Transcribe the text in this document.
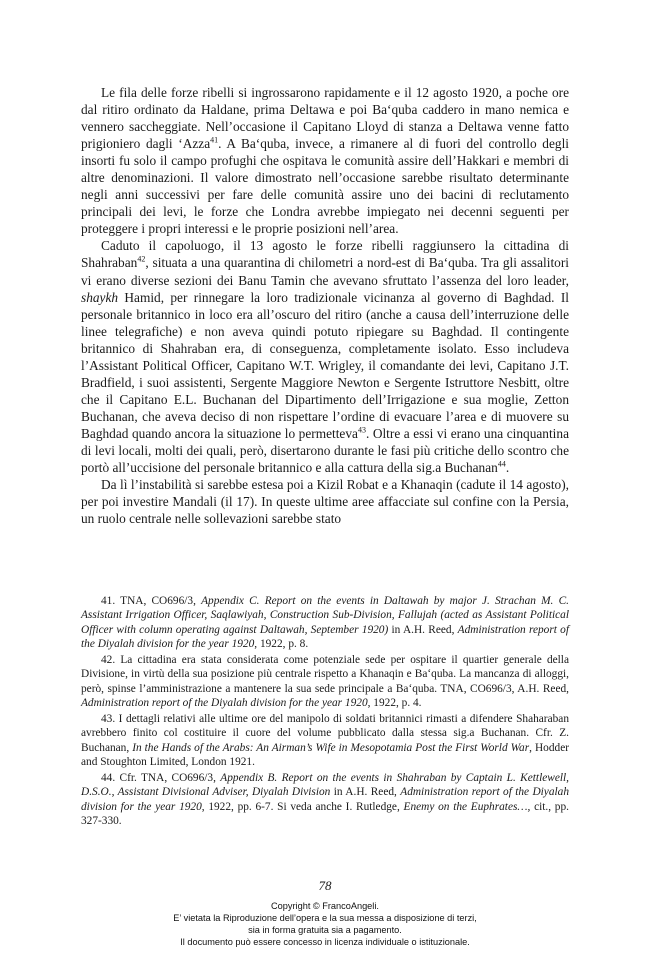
Le fila delle forze ribelli si ingrossarono rapidamente e il 12 agosto 1920, a poche ore dal ritiro ordinato da Haldane, prima Deltawa e poi Ba‘quba caddero in mano nemica e vennero saccheggiate. Nell’occasione il Capitano Lloyd di stanza a Deltawa venne fatto prigioniero dagli ‘Azza$^{41}$. A Ba‘quba, invece, a rimanere al di fuori del controllo degli insorti fu solo il campo profughi che ospitava le comunità assire dell’Hakkari e membri di altre denominazioni. Il valore dimostrato nell’occasione sarebbe risultato determinante negli anni successivi per fare delle comunità assire uno dei bacini di reclutamento principali dei levi, le forze che Londra avrebbe impiegato nei decenni seguenti per proteggere i propri interessi e le proprie posizioni nell’area.

Caduto il capoluogo, il 13 agosto le forze ribelli raggiunsero la cittadina di Shahraban$^{42}$, situata a una quarantina di chilometri a nord-est di Ba‘quba. Tra gli assalitori vi erano diverse sezioni dei Banu Tamin che avevano sfruttato l’assenza del loro leader, shaykh Hamid, per rinnegare la loro tradizionale vicinanza al governo di Baghdad. Il personale britannico in loco era all’oscuro del ritiro (anche a causa dell’interruzione delle linee telegrafiche) e non aveva quindi potuto ripiegare su Baghdad. Il contingente britannico di Shahraban era, di conseguenza, completamente isolato. Esso includeva l’Assistant Political Officer, Capitano W.T. Wrigley, il comandante dei levi, Capitano J.T. Bradfield, i suoi assistenti, Sergente Maggiore Newton e Sergente Istruttore Nesbitt, oltre che il Capitano E.L. Buchanan del Dipartimento dell’Irrigazione e sua moglie, Zetton Buchanan, che aveva deciso di non rispettare l’ordine di evacuare l’area e di muovere su Baghdad quando ancora la situazione lo permetteva$^{43}$. Oltre a essi vi erano una cinquantina di levi locali, molti dei quali, però, disertarono durante le fasi più critiche dello scontro che portò all’uccisione del personale britannico e alla cattura della sig.a Buchanan$^{44}$.

Da lì l’instabilità si sarebbe estesa poi a Kizil Robat e a Khanaqin (cadute il 14 agosto), per poi investire Mandali (il 17). In queste ultime aree affacciate sul confine con la Persia, un ruolo centrale nelle sollevazioni sarebbe stato

41. TNA, CO696/3, Appendix C. Report on the events in Daltawah by major J. Strachan M. C. Assistant Irrigation Officer, Saqlawiyah, Construction Sub-Division, Fallujah (acted as Assistant Political Officer with column operating against Daltawah, September 1920) in A.H. Reed, Administration report of the Diyalah division for the year 1920, 1922, p. 8.

42. La cittadina era stata considerata come potenziale sede per ospitare il quartier generale della Divisione, in virtù della sua posizione più centrale rispetto a Khanaqin e Ba‘quba. La mancanza di alloggi, però, spinse l’amministrazione a mantenere la sua sede principale a Ba‘quba. TNA, CO696/3, A.H. Reed, Administration report of the Diyalah division for the year 1920, 1922, p. 4.

43. I dettagli relativi alle ultime ore del manipolo di soldati britannici rimasti a difendere Shaharaban avrebbero finito col costituire il cuore del volume pubblicato dalla stessa sig.a Buchanan. Cfr. Z. Buchanan, In the Hands of the Arabs: An Airman’s Wife in Mesopotamia Post the First World War, Hodder and Stoughton Limited, London 1921.

44. Cfr. TNA, CO696/3, Appendix B. Report on the events in Shahraban by Captain L. Kettlewell, D.S.O., Assistant Divisional Adviser, Diyalah Division in A.H. Reed, Administration report of the Diyalah division for the year 1920, 1922, pp. 6-7. Si veda anche I. Rutledge, Enemy on the Euphrates…, cit., pp. 327-330.

78
Copyright © FrancoAngeli.
E’ vietata la Riproduzione dell’opera e la sua messa a disposizione di terzi,
sia in forma gratuita sia a pagamento.
Il documento può essere concesso in licenza individuale o istituzionale.
